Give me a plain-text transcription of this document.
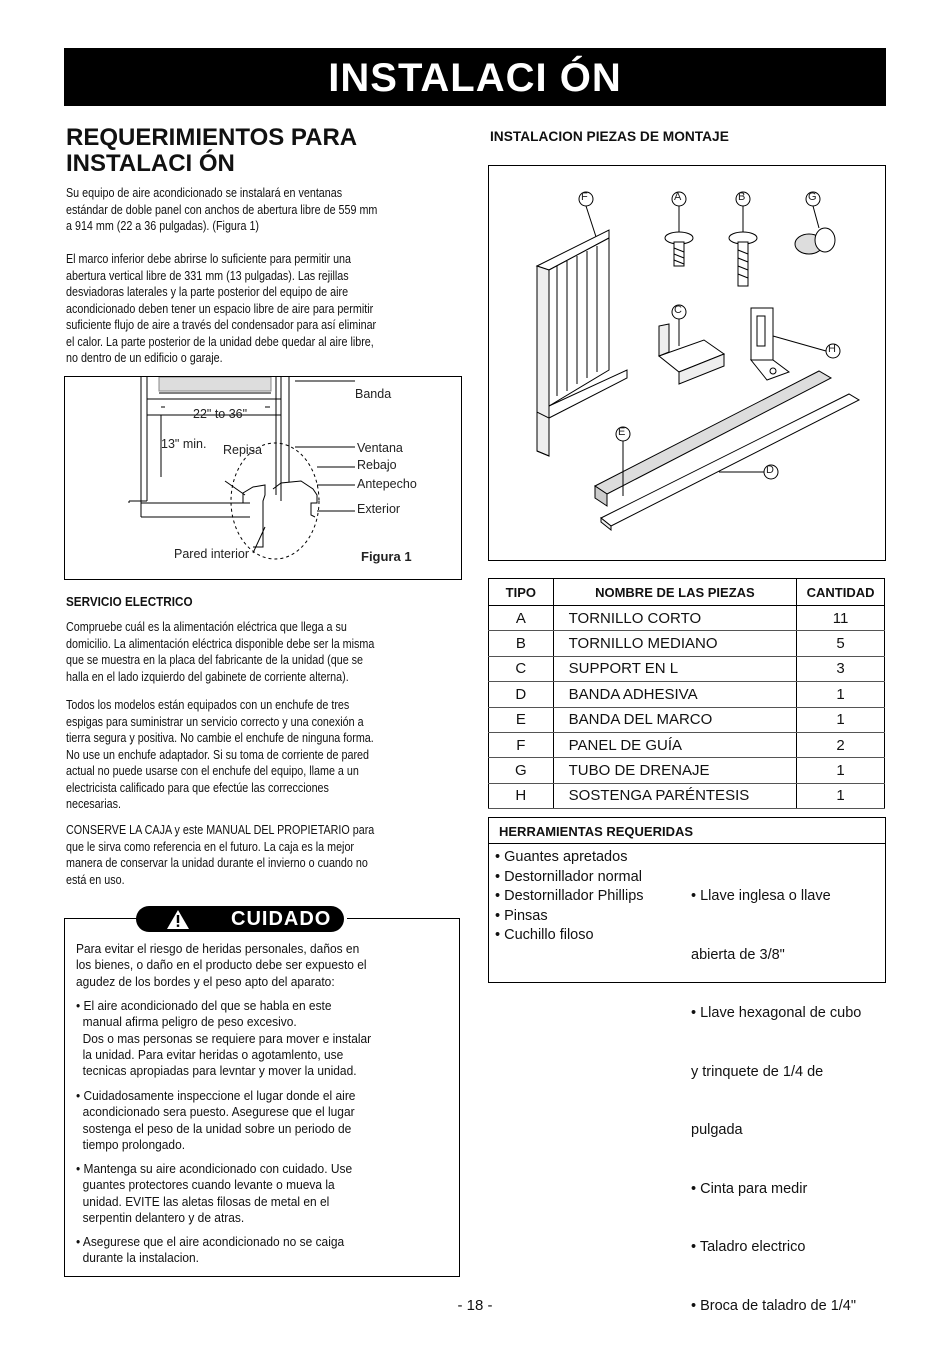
INSTALACI ÓN
REQUERIMIENTOS PARA
INSTALACI ÓN

Su equipo de aire acondicionado se instalará en ventanas
estándar de doble panel con anchos de abertura libre de 559 mm
a 914 mm (22 a 36 pulgadas). (Figura 1)

El marco inferior debe abrirse lo suficiente para permitir una
abertura vertical libre de 331 mm (13 pulgadas). Las rejillas
desviadoras laterales y la parte posterior del equipo de aire
acondicionado deben tener un espacio libre de aire para permitir
suficiente flujo de aire a través del condensador para así eliminar
el calor. La parte posterior de la unidad debe quedar al aire libre,
no dentro de un edificio o garaje.

Banda
22" to 36"
13" min. Repisa	Ventana
Rebajo
Antepecho
Exterior
Pared interior	Figura 1
SERVICIO ELECTRICO

Compruebe cuál es la alimentación eléctrica que llega a su
domicilio. La alimentación eléctrica disponible debe ser la misma
que se muestra en la placa del fabricante de la unidad (que se
halla en el lado izquierdo del gabinete de corriente alterna).

Todos los modelos están equipados con un enchufe de tres
espigas para suministrar un servicio correcto y una conexión a
tierra segura y positiva. No cambie el enchufe de ninguna forma.
No use un enchufe adaptador. Si su toma de corriente de pared
actual no puede usarse con el enchufe del equipo, llame a un
electricista calificado para que efectúe las correcciones
necesarias.

CONSERVE LA CAJA y este MANUAL DEL PROPIETARIO para
que le sirva como referencia en el futuro. La caja es la mejor
manera de conservar la unidad durante el invierno o cuando no
está en uso.

CUIDADO

Para evitar el riesgo de heridas personales, daños en
los bienes, o daño en el producto debe ser expuesto el
agudez de los bordes y el peso apto del aparato:

• El aire acondicionado del que se habla en este
manual afirma peligro de peso excesivo.
Dos o mas personas se requiere para mover e instalar
la unidad. Para evitar heridas o agotamlento, use
tecnicas apropiadas para levntar y mover la unidad.

• Cuidadosamente inspeccione el lugar donde el aire
acondicionado sera puesto. Asegurese que el lugar
sostenga el peso de la unidad sobre un periodo de
tiempo prolongado.

• Mantenga su aire acondicionado con cuidado. Use
guantes protectores cuando levante o mueva la
unidad. EVITE las aletas filosas de metal en el
serpentin delantero y de atras.

• Asegurese que el aire acondicionado no se caiga
durante la instalacion.

INSTALACION PIEZAS DE MONTAJE
F	A	B	G
C
H
E
D
TIPO	NOMBRE DE LAS PIEZAS	CANTIDAD
A	TORNILLO CORTO	11
B	TORNILLO MEDIANO	5
C	SUPPORT EN L	3
D	BANDA ADHESIVA	1
E	BANDA DEL MARCO	1
F	PANEL DE GUÍA	2
G	TUBO DE DRENAJE	1
H	SOSTENGA PARÉNTESIS	1
HERRAMIENTAS REQUERIDAS
• Guantes apretados
• Destornillador normal
• Destornillador Phillips
• Pinsas
• Cuchillo filoso

• Llave inglesa o llave

abierta de 3/8"

• Llave hexagonal de cubo

y trinquete de 1/4 de

pulgada

• Cinta para medir

• Taladro electrico

• Broca de taladro de 1/4"

- 18 -
